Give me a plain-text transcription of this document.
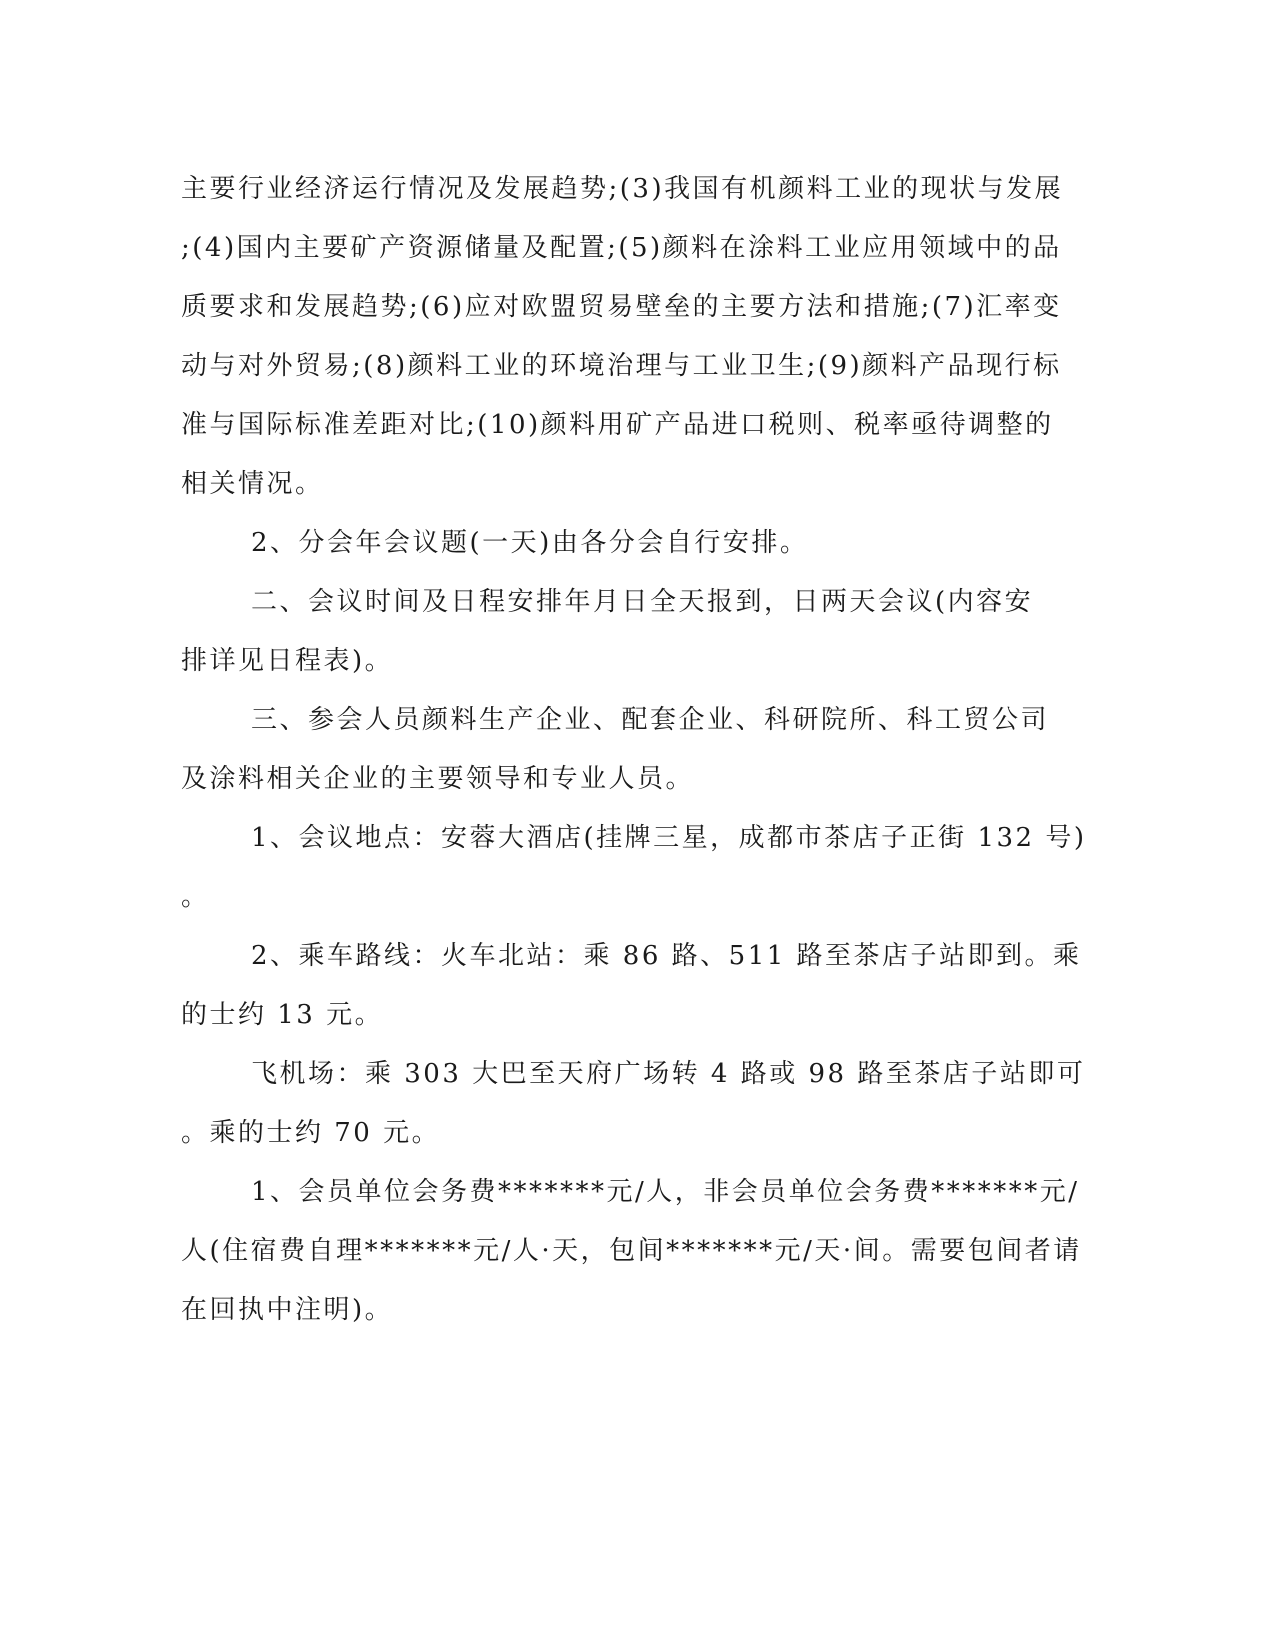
主要行业经济运行情况及发展趋势;(3)我国有机颜料工业的现状与发展
;(4)国内主要矿产资源储量及配置;(5)颜料在涂料工业应用领域中的品
质要求和发展趋势;(6)应对欧盟贸易壁垒的主要方法和措施;(7)汇率变
动与对外贸易;(8)颜料工业的环境治理与工业卫生;(9)颜料产品现行标
准与国际标准差距对比;(10)颜料用矿产品进口税则、税率亟待调整的
相关情况。
2、分会年会议题(一天)由各分会自行安排。
二、会议时间及日程安排年月日全天报到，日两天会议(内容安
排详见日程表)。
三、参会人员颜料生产企业、配套企业、科研院所、科工贸公司
及涂料相关企业的主要领导和专业人员。
1、会议地点：安蓉大酒店(挂牌三星，成都市茶店子正街 132 号)
。
2、乘车路线：火车北站：乘 86 路、511 路至茶店子站即到。乘
的士约 13 元。
飞机场：乘 303 大巴至天府广场转 4 路或 98 路至茶店子站即可
。乘的士约 70 元。
1、会员单位会务费*******元/人，非会员单位会务费*******元/
人(住宿费自理*******元/人·天，包间*******元/天·间。需要包间者请
在回执中注明)。
